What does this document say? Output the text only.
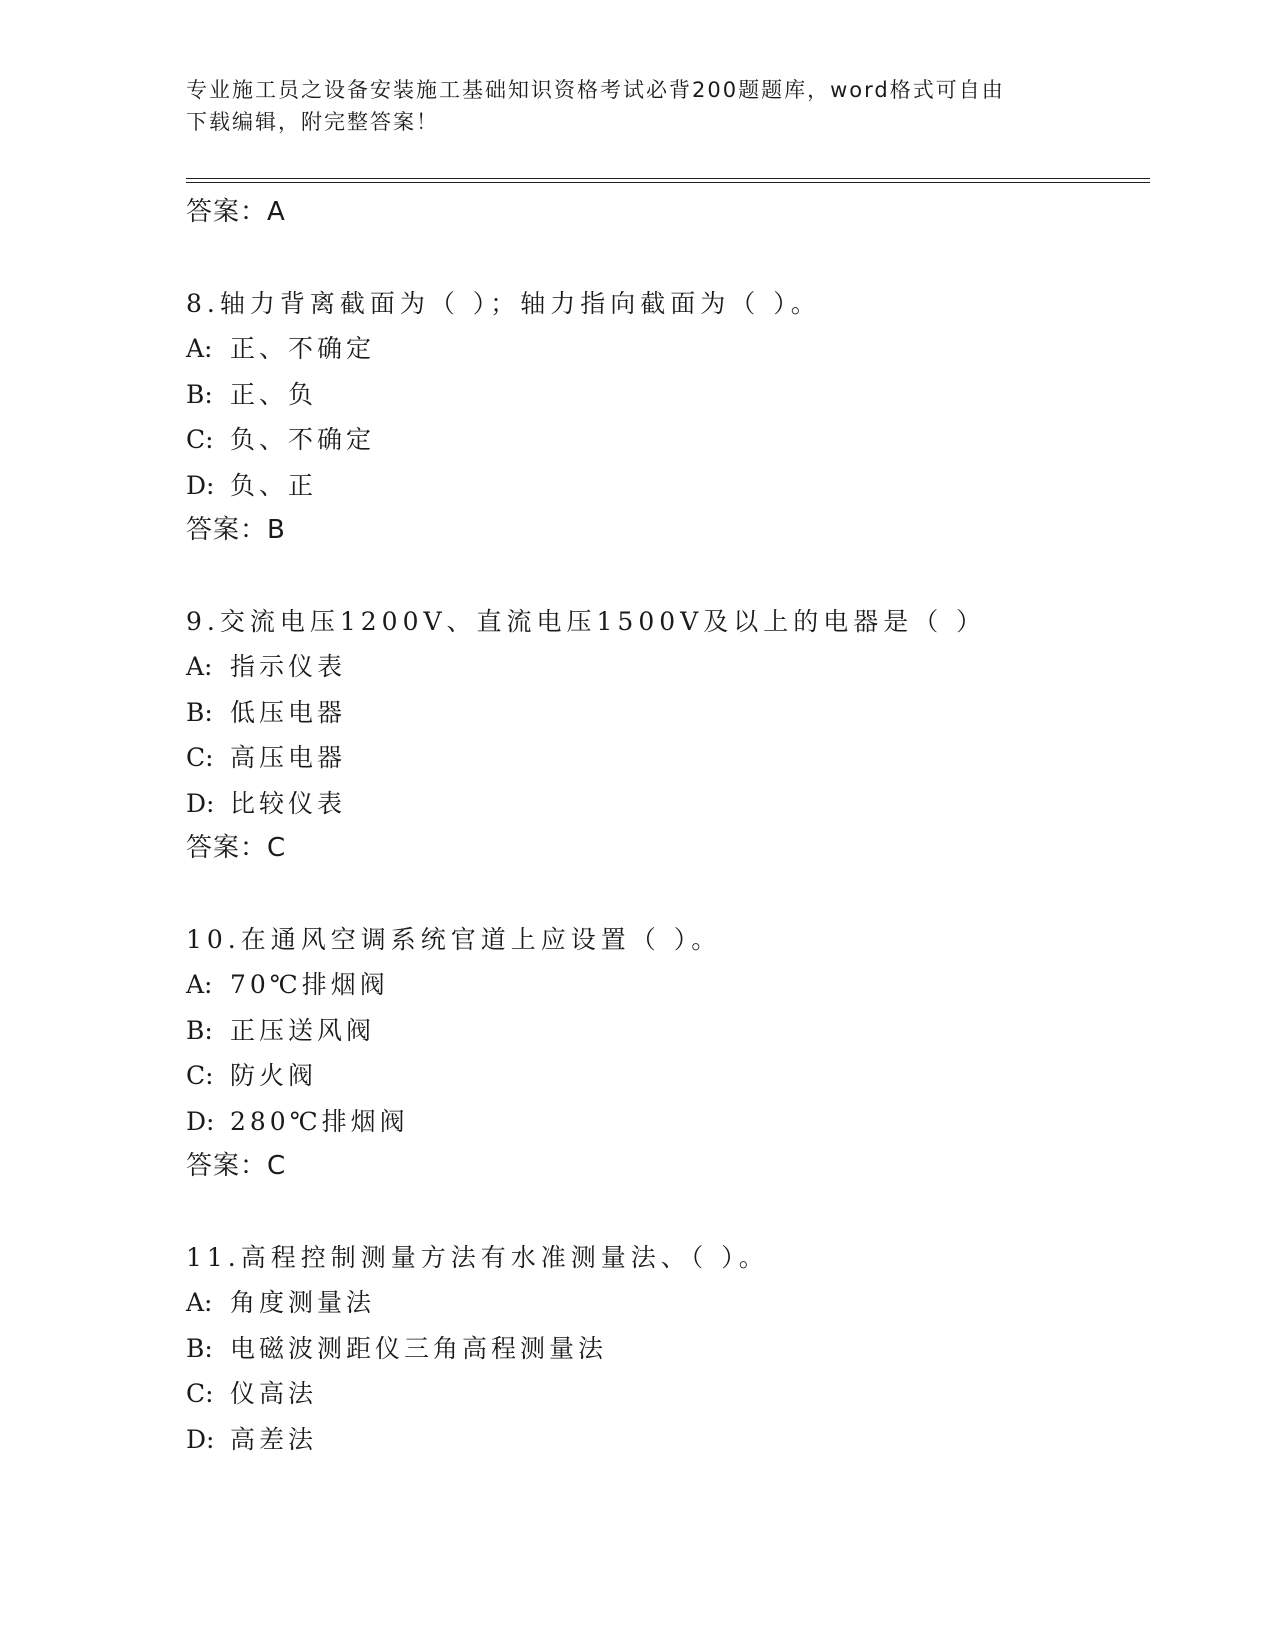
专业施工员之设备安装施工基础知识资格考试必背200题题库，word格式可自由
下载编辑，附完整答案！
答案：A
8.轴力背离截面为（ ）；轴力指向截面为（ ）。
A: 正、不确定
B: 正、负
C: 负、不确定
D: 负、正
答案：B
9.交流电压1200V、直流电压1500V及以上的电器是（ ）
A: 指示仪表
B: 低压电器
C: 高压电器
D: 比较仪表
答案：C
10.在通风空调系统官道上应设置（ ）。
A: 70℃排烟阀
B: 正压送风阀
C: 防火阀
D: 280℃排烟阀
答案：C
11.高程控制测量方法有水准测量法、（ ）。
A: 角度测量法
B: 电磁波测距仪三角高程测量法
C: 仪高法
D: 高差法
